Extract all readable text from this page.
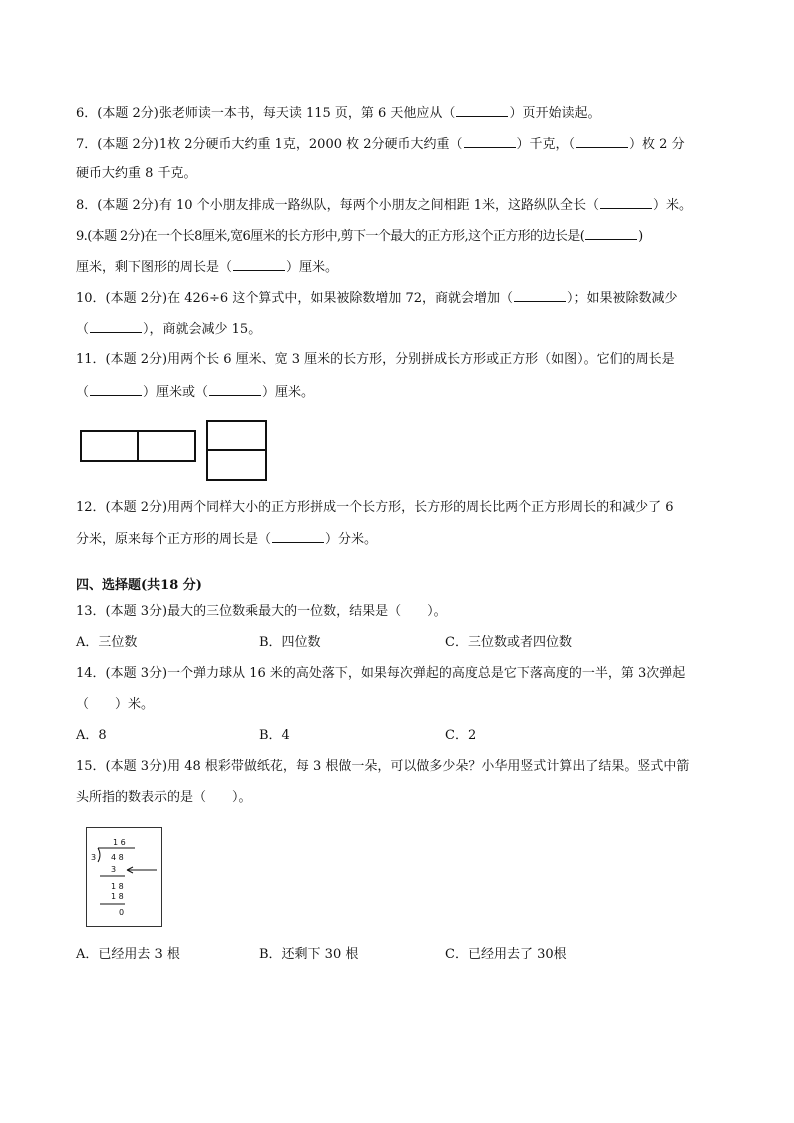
6．(本题 2分)张老师读一本书，每天读 115 页，第 6 天他应从（	）页开始读起。
7．(本题 2分)1枚 2分硬币大约重 1克，2000 枚 2分硬币大约重（	）千克，（	）枚 2 分
硬币大约重 8 千克。
8．(本题 2分)有 10 个小朋友排成一路纵队，每两个小朋友之间相距 1米，这路纵队全长（	）米。
9.(本题 2分)在一个长8厘米,宽6厘米的长方形中,剪下一个最大的正方形,这个正方形的边长是(	)
厘米，剩下图形的周长是（	）厘米。
10．(本题 2分)在 426÷6 这个算式中，如果被除数增加 72，商就会增加（	）；如果被除数减少
（	），商就会减少 15。
11．(本题 2分)用两个长 6 厘米、宽 3 厘米的长方形，分别拼成长方形或正方形（如图）。它们的周长是
（	）厘米或（	）厘米。
12．(本题 2分)用两个同样大小的正方形拼成一个长方形，长方形的周长比两个正方形周长的和减少了 6
分米，原来每个正方形的周长是（	）分米。
四、选择题(共18 分)
13．(本题 3分)最大的三位数乘最大的一位数，结果是（　　）。
A．三位数	B．四位数	C．三位数或者四位数
14．(本题 3分)一个弹力球从 16 米的高处落下，如果每次弹起的高度总是它下落高度的一半，第 3次弹起
（　　）米。
A．8	B．4	C．2
15．(本题 3分)用 48 根彩带做纸花，每 3 根做一朵，可以做多少朵？小华用竖式计算出了结果。竖式中箭
头所指的数表示的是（　　）。
1 6
3 4 8
3
1 8
1 8
0
A．已经用去 3 根	B．还剩下 30 根	C．已经用去了 30根
